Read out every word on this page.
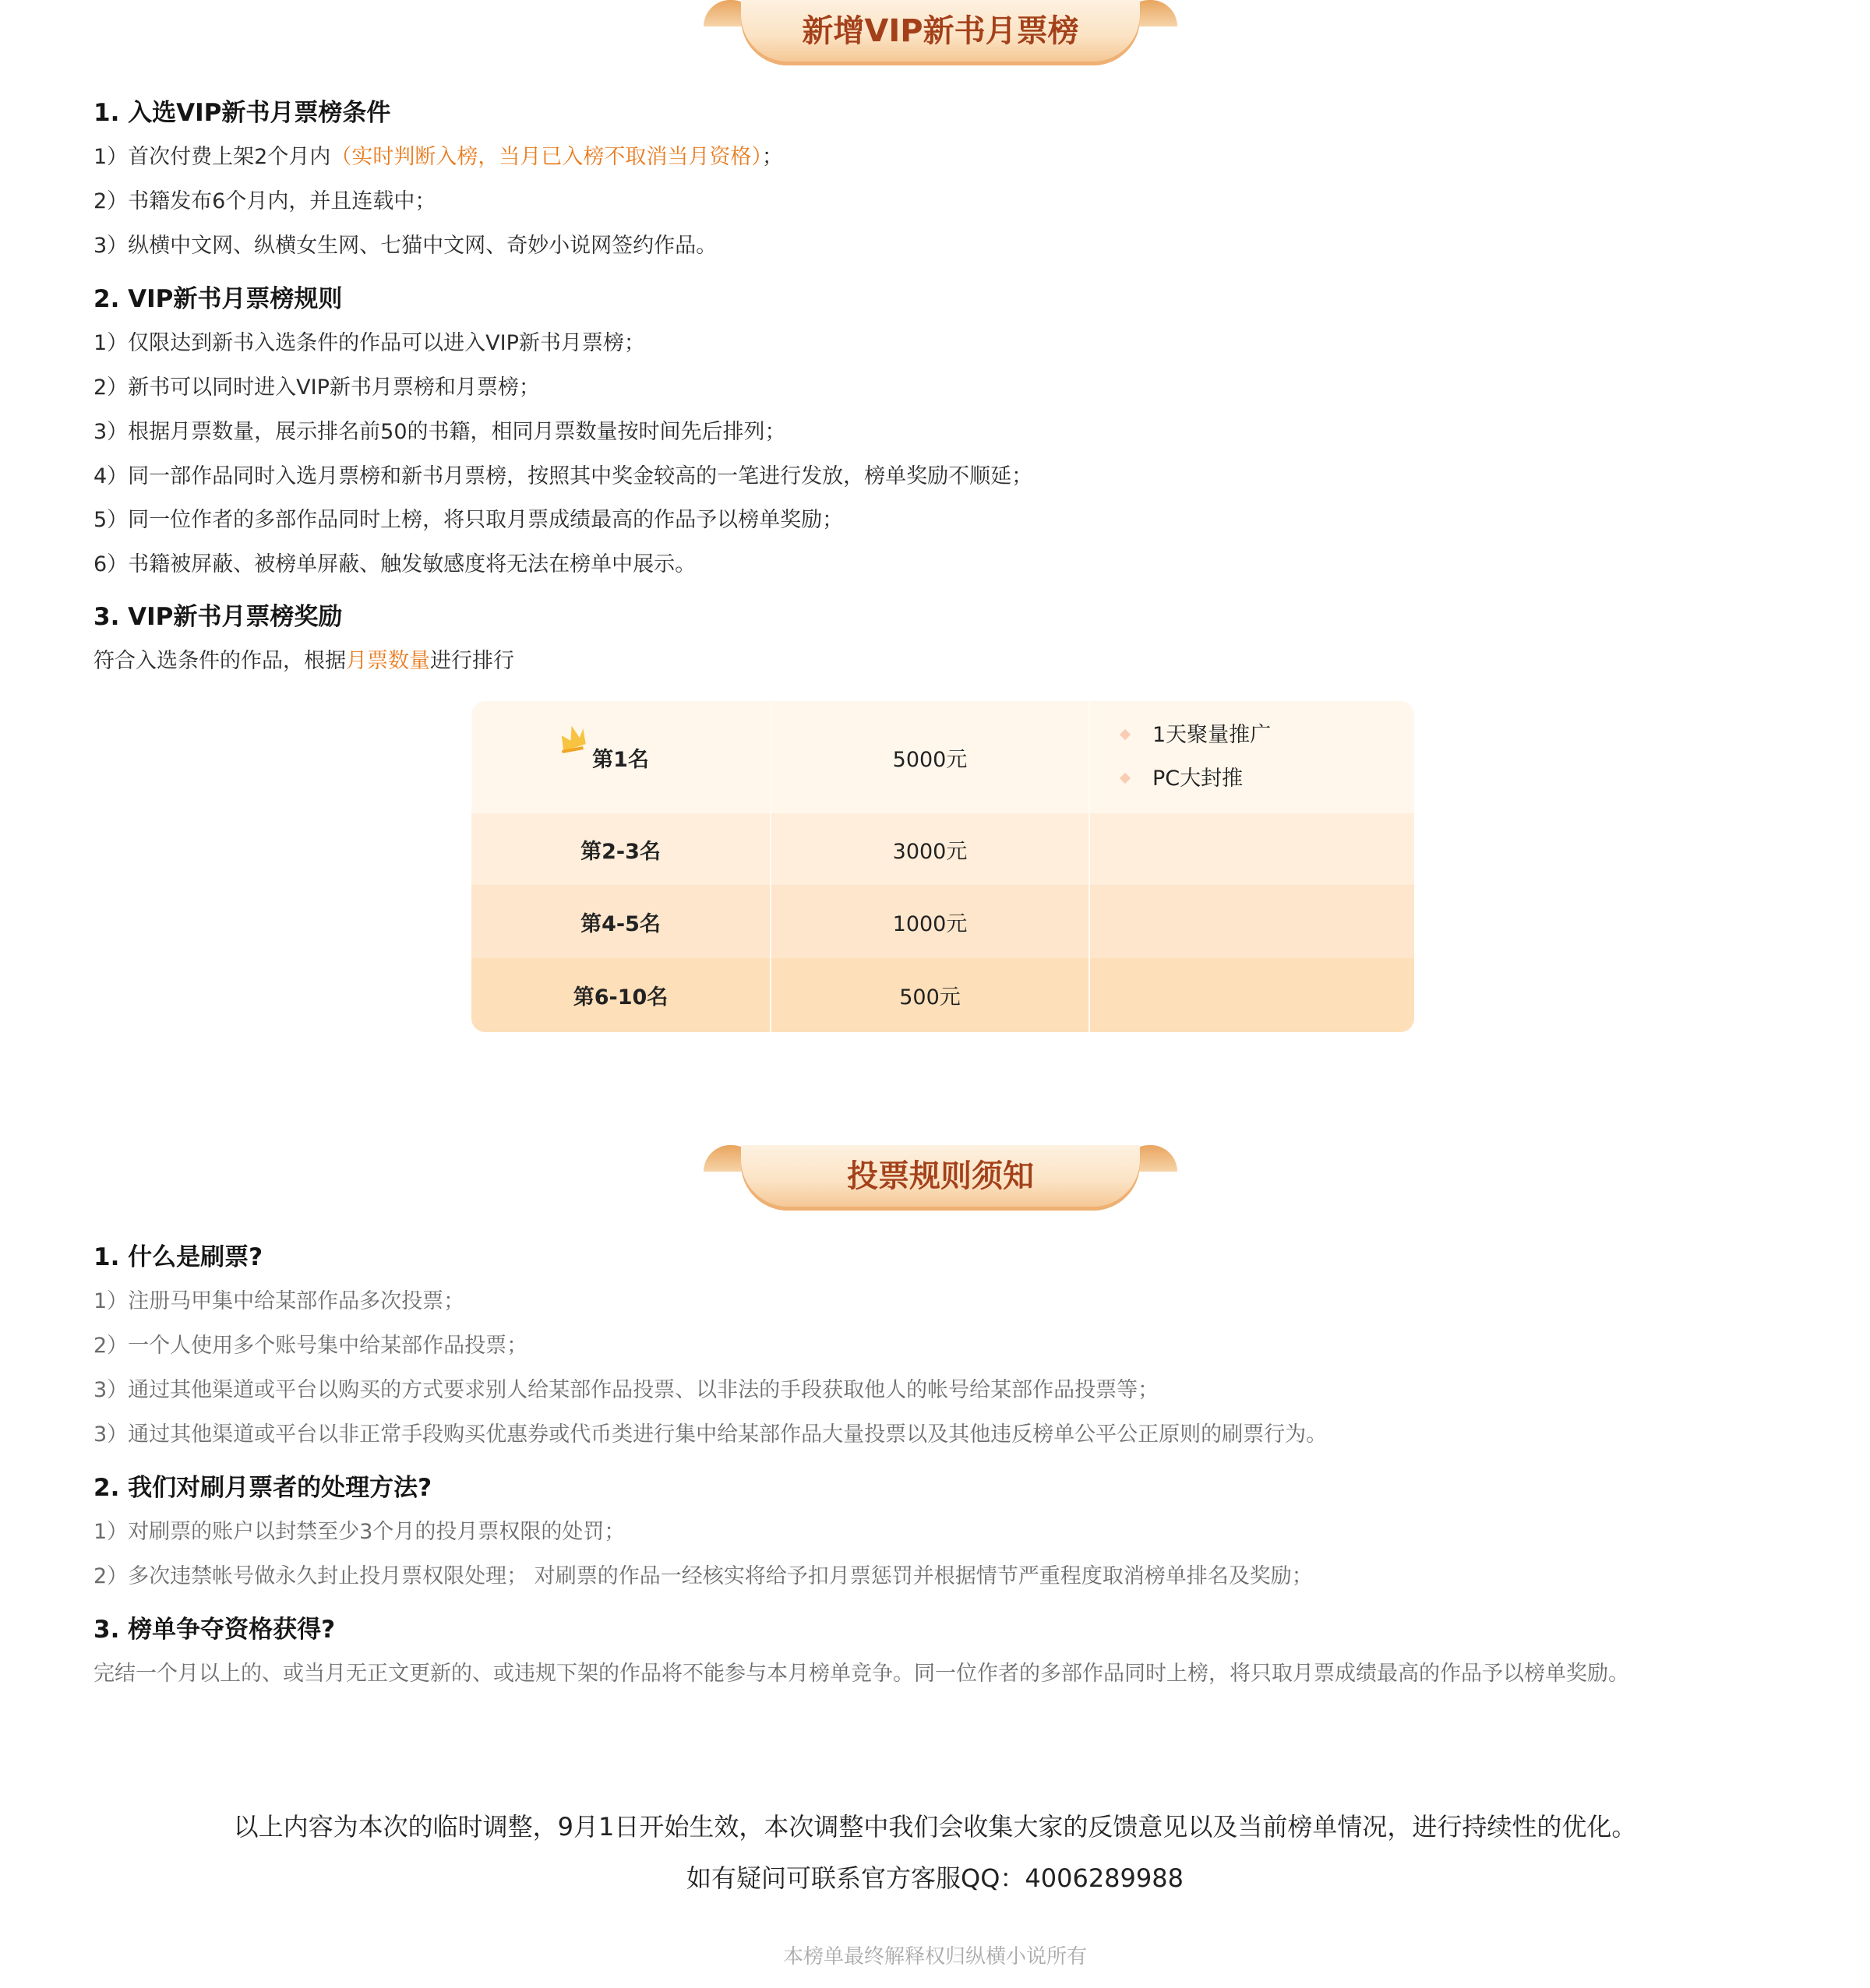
新增VIP新书月票榜
1. 入选VIP新书月票榜条件
1）首次付费上架2个月内（实时判断入榜，当月已入榜不取消当月资格）；
2）书籍发布6个月内，并且连载中；
3）纵横中文网、纵横女生网、七猫中文网、奇妙小说网签约作品。
2. VIP新书月票榜规则
1）仅限达到新书入选条件的作品可以进入VIP新书月票榜；
2）新书可以同时进入VIP新书月票榜和月票榜；
3）根据月票数量，展示排名前50的书籍，相同月票数量按时间先后排列；
4）同一部作品同时入选月票榜和新书月票榜，按照其中奖金较高的一笔进行发放，榜单奖励不顺延；
5）同一位作者的多部作品同时上榜，将只取月票成绩最高的作品予以榜单奖励；
6）书籍被屏蔽、被榜单屏蔽、触发敏感度将无法在榜单中展示。
3. VIP新书月票榜奖励
符合入选条件的作品，根据月票数量进行排行
第1名	5000元
1天聚量推广
PC大封推
第2-3名	3000元
第4-5名	1000元
第6-10名	500元
投票规则须知
1. 什么是刷票?
1）注册马甲集中给某部作品多次投票；
2）一个人使用多个账号集中给某部作品投票；
3）通过其他渠道或平台以购买的方式要求别人给某部作品投票、以非法的手段获取他人的帐号给某部作品投票等；
3）通过其他渠道或平台以非正常手段购买优惠券或代币类进行集中给某部作品大量投票以及其他违反榜单公平公正原则的刷票行为。
2. 我们对刷月票者的处理方法?
1）对刷票的账户以封禁至少3个月的投月票权限的处罚；
2）多次违禁帐号做永久封止投月票权限处理； 对刷票的作品一经核实将给予扣月票惩罚并根据情节严重程度取消榜单排名及奖励；
3. 榜单争夺资格获得?
完结一个月以上的、或当月无正文更新的、或违规下架的作品将不能参与本月榜单竞争。同一位作者的多部作品同时上榜，将只取月票成绩最高的作品予以榜单奖励。
以上内容为本次的临时调整，9月1日开始生效，本次调整中我们会收集大家的反馈意见以及当前榜单情况，进行持续性的优化。
如有疑问可联系官方客服QQ：4006289988
本榜单最终解释权归纵横小说所有
